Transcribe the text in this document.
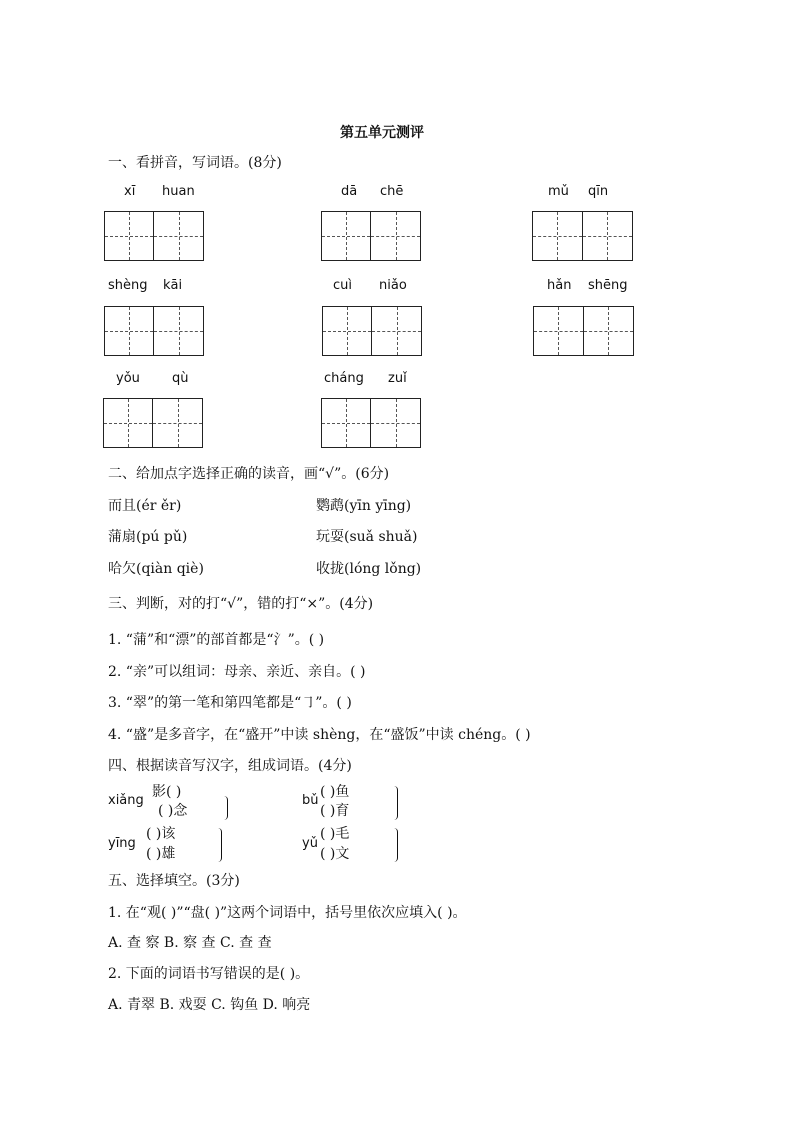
第五单元测评
一、看拼音，写词语。(8分)
xī huan	dā chē	mǔ qīn
shèng kāi	cuì niǎo	hǎn shēng
yǒu qù	cháng zuǐ
二、给加点字选择正确的读音，画“√”。(6分)
而且(ér ěr)	鹦鹉(yīn yīng)
蒲扇(pú pǔ)	玩耍(suǎ shuǎ)
哈欠(qiàn qiè)	收拢(lóng lǒng)
三、判断，对的打“√”，错的打“×”。(4分)
1. “蒲”和“漂”的部首都是“氵”。( )
2. “亲”可以组词：母亲、亲近、亲自。( )
3. “翠”的第一笔和第四笔都是“㇆”。( )
4. “盛”是多音字，在“盛开”中读 shèng，在“盛饭”中读 chéng。( )
四、根据读音写汉字，组成词语。(4分)
xiǎng
影( )
( )念
bǔ
( )鱼
( )育
yīng
( )该
( )雄
yǔ
( )毛
( )文
五、选择填空。(3分)
1. 在“观( )”“盘( )”这两个词语中，括号里依次应填入( )。
A. 查 察 B. 察 查 C. 查 查
2. 下面的词语书写错误的是( )。
A. 青翠 B. 戏耍 C. 钩鱼 D. 响亮
